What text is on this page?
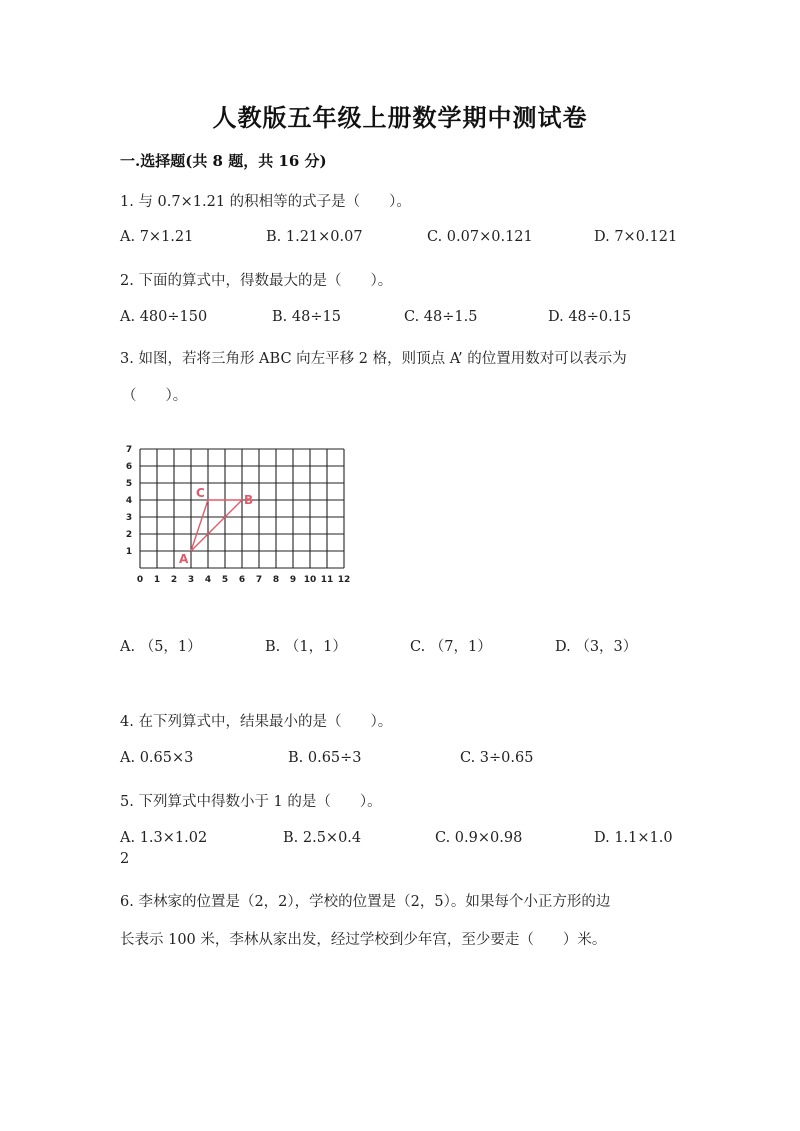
人教版五年级上册数学期中测试卷
一.选择题(共 8 题，共 16 分)
1. 与 0.7×1.21 的积相等的式子是（　　）。
A. 7×1.21	B. 1.21×0.07	C. 0.07×0.121	D. 7×0.121
2. 下面的算式中，得数最大的是（　　）。
A. 480÷150	B. 48÷15	C. 48÷1.5	D. 48÷0.15
3. 如图，若将三角形 ABC 向左平移 2 格，则顶点 A’ 的位置用数对可以表示为
（　　）。
0 1 2 3 4 5 6 7 8 9 10 11 12
1
2
3
4
5
6
7
A
B
C
A. （5，1）	B. （1，1）	C. （7，1）	D. （3，3）
4. 在下列算式中，结果最小的是（　　）。
A. 0.65×3	B. 0.65÷3	C. 3÷0.65
5. 下列算式中得数小于 1 的是（　　）。
A. 1.3×1.02	B. 2.5×0.4	C. 0.9×0.98	D. 1.1×1.0
2
6. 李林家的位置是（2，2），学校的位置是（2，5）。如果每个小正方形的边
长表示 100 米，李林从家出发，经过学校到少年宫，至少要走（　　）米。
